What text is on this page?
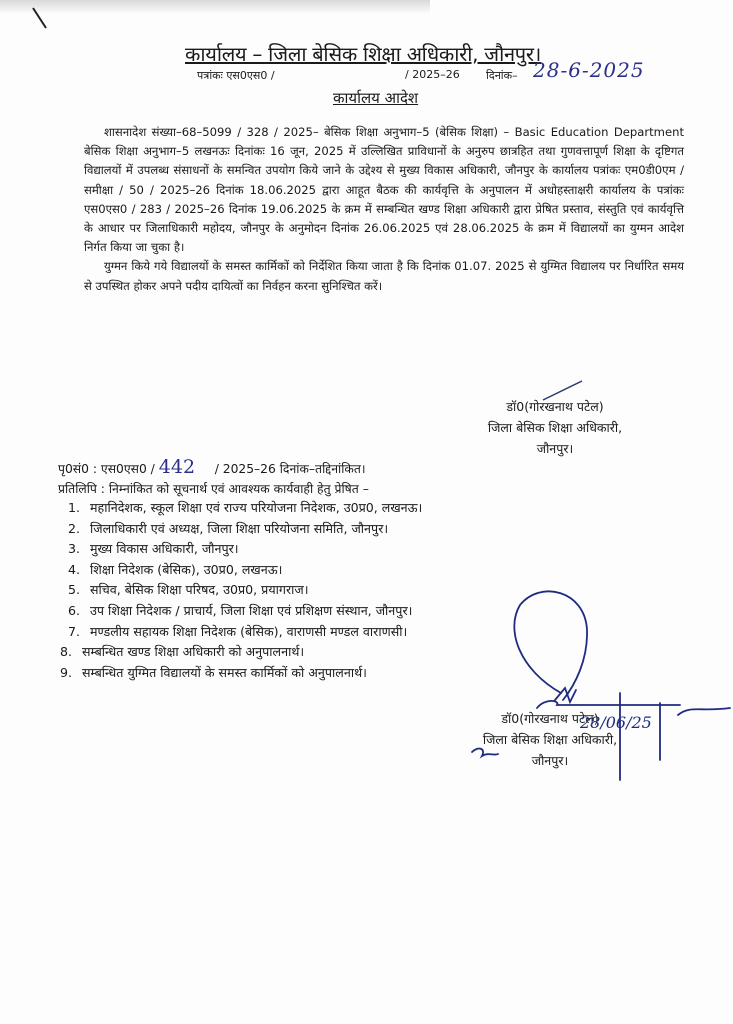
कार्यालय – जिला बेसिक शिक्षा अधिकारी, जौनपुर।
पत्रांकः एस0एस0 /	/ 2025–26 दिनांक– 28-6-2025
कार्यालय आदेश

शासनादेश संख्या–68–5099 / 328 / 2025– बेसिक शिक्षा अनुभाग–5 (बेसिक शिक्षा) – Basic Education Department बेसिक शिक्षा अनुभाग–5 लखनऊः दिनांकः 16 जून, 2025 में उल्लिखित प्राविधानों के अनुरुप छात्रहित तथा गुणवत्तापूर्ण शिक्षा के दृष्टिगत विद्यालयों में उपलब्ध संसाधनों के समन्वित उपयोग किये जाने के उद्देश्य से मुख्य विकास अधिकारी, जौनपुर के कार्यालय पत्रांकः एम0डी0एम / समीक्षा / 50 / 2025–26 दिनांक 18.06.2025 द्वारा आहूत बैठक की कार्यवृत्ति के अनुपालन में अधोहस्ताक्षरी कार्यालय के पत्रांकः एस0एस0 / 283 / 2025–26 दिनांक 19.06.2025 के क्रम में सम्बन्धित खण्ड शिक्षा अधिकारी द्वारा प्रेषित प्रस्ताव, संस्तुति एवं कार्यवृत्ति के आधार पर जिलाधिकारी महोदय, जौनपुर के अनुमोदन दिनांक 26.06.2025 एवं 28.06.2025 के क्रम में विद्यालयों का युग्मन आदेश निर्गत किया जा चुका है।

युग्मन किये गये विद्यालयों के समस्त कार्मिकों को निर्देशित किया जाता है कि दिनांक 01.07. 2025 से युग्मित विद्यालय पर निर्धारित समय से उपस्थित होकर अपने पदीय दायित्वों का निर्वहन करना सुनिश्चित करें।

डॉ0(गोरखनाथ पटेल)
जिला बेसिक शिक्षा अधिकारी,
जौनपुर।
पृ0सं0 : एस0एस0 / 442 / 2025–26 दिनांक–तद्दिनांकित।
प्रतिलिपि : निम्नांकित को सूचनार्थ एवं आवश्यक कार्यवाही हेतु प्रेषित –
1. महानिदेशक, स्कूल शिक्षा एवं राज्य परियोजना निदेशक, उ0प्र0, लखनऊ।
2. जिलाधिकारी एवं अध्यक्ष, जिला शिक्षा परियोजना समिति, जौनपुर।
3. मुख्य विकास अधिकारी, जौनपुर।
4. शिक्षा निदेशक (बेसिक), उ0प्र0, लखनऊ।
5. सचिव, बेसिक शिक्षा परिषद, उ0प्र0, प्रयागराज।
6. उप शिक्षा निदेशक / प्राचार्य, जिला शिक्षा एवं प्रशिक्षण संस्थान, जौनपुर।
7. मण्डलीय सहायक शिक्षा निदेशक (बेसिक), वाराणसी मण्डल वाराणसी।
8. सम्बन्धित खण्ड शिक्षा अधिकारी को अनुपालनार्थ।
9. सम्बन्धित युग्मित विद्यालयों के समस्त कार्मिकों को अनुपालनार्थ।
डॉ0(गोरखनाथ पटेल)
जिला बेसिक शिक्षा अधिकारी,
जौनपुर।
28/06/25
